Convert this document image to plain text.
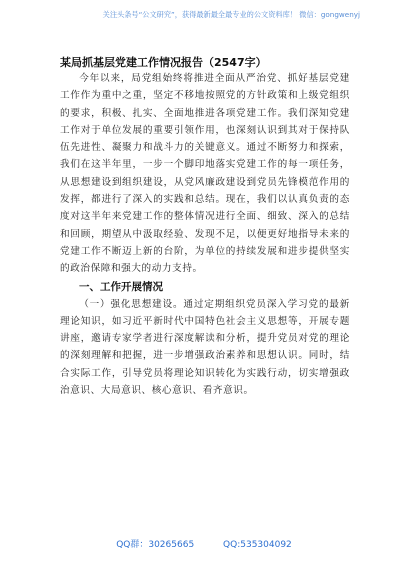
关注头条号“公文研究”，获得最新最全最专业的公文资料库！ 微信：gongwenyj
某局抓基层党建工作情况报告（2547字）

今年以来，局党组始终将推进全面从严治党、抓好基层党建工作作为重中之重，坚定不移地按照党的方针政策和上级党组织的要求，积极、扎实、全面地推进各项党建工作。我们深知党建工作对于单位发展的重要引领作用，也深刻认识到其对于保持队伍先进性、凝聚力和战斗力的关键意义。通过不断努力和探索，我们在这半年里，一步一个脚印地落实党建工作的每一项任务，从思想建设到组织建设，从党风廉政建设到党员先锋模范作用的发挥，都进行了深入的实践和总结。现在，我们以认真负责的态度对这半年来党建工作的整体情况进行全面、细致、深入的总结和回顾，期望从中汲取经验、发现不足，以便更好地指导未来的党建工作不断迈上新的台阶，为单位的持续发展和进步提供坚实的政治保障和强大的动力支持。

一、工作开展情况

（一）强化思想建设。通过定期组织党员深入学习党的最新理论知识，如习近平新时代中国特色社会主义思想等，开展专题讲座，邀请专家学者进行深度解读和分析，提升党员对党的理论的深刻理解和把握，进一步增强政治素养和思想认识。同时，结合实际工作，引导党员将理论知识转化为实践行动，切实增强政治意识、大局意识、核心意识、看齐意识。

QQ群：30265665	QQ:535304092
